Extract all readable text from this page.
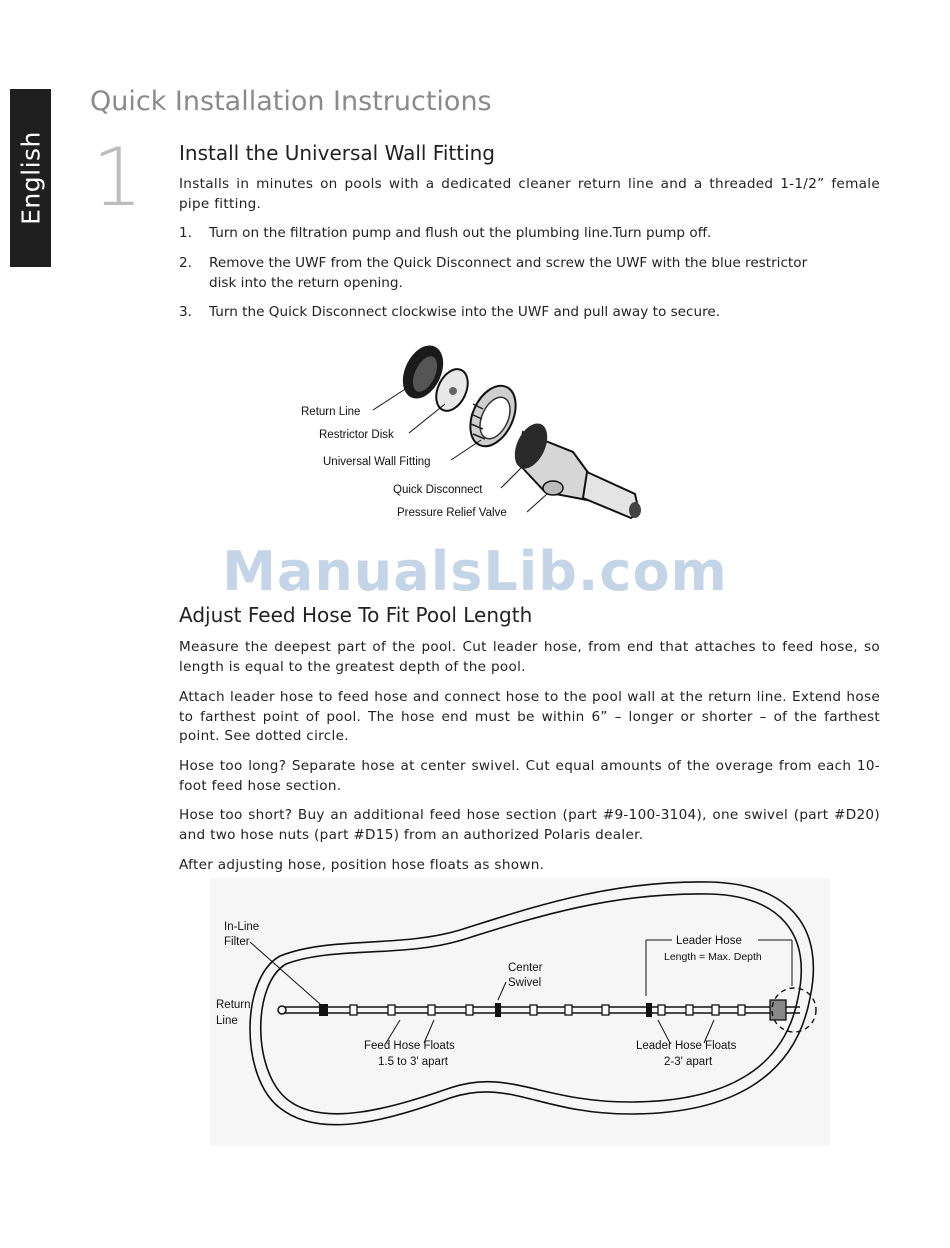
English
Quick Installation Instructions
1 Install the Universal Wall Fitting

Installs in minutes on pools with a dedicated cleaner return line and a threaded 1-1/2” female pipe fitting.

1. Turn on the filtration pump and flush out the plumbing line.Turn pump off.
2. Remove the UWF from the Quick Disconnect and screw the UWF with the blue restrictor disk into the return opening.
3. Turn the Quick Disconnect clockwise into the UWF and pull away to secure.
Return Line
Restrictor Disk
Universal Wall Fitting
Quick Disconnect
Pressure Relief Valve
ManualsLib.com
Adjust Feed Hose To Fit Pool Length

Measure the deepest part of the pool. Cut leader hose, from end that attaches to feed hose, so length is equal to the greatest depth of the pool.

Attach leader hose to feed hose and connect hose to the pool wall at the return line. Extend hose to farthest point of pool. The hose end must be within 6” – longer or shorter – of the farthest point. See dotted circle.

Hose too long? Separate hose at center swivel. Cut equal amounts of the overage from each 10-foot feed hose section.

Hose too short? Buy an additional feed hose section (part #9-100-3104), one swivel (part #D20) and two hose nuts (part #D15) from an authorized Polaris dealer.

After adjusting hose, position hose floats as shown.

In-Line
Filter
Return
Line
Center
Swivel
Leader Hose
Length = Max. Depth
Feed Hose Floats
1.5 to 3' apart
Leader Hose Floats
2-3' apart
